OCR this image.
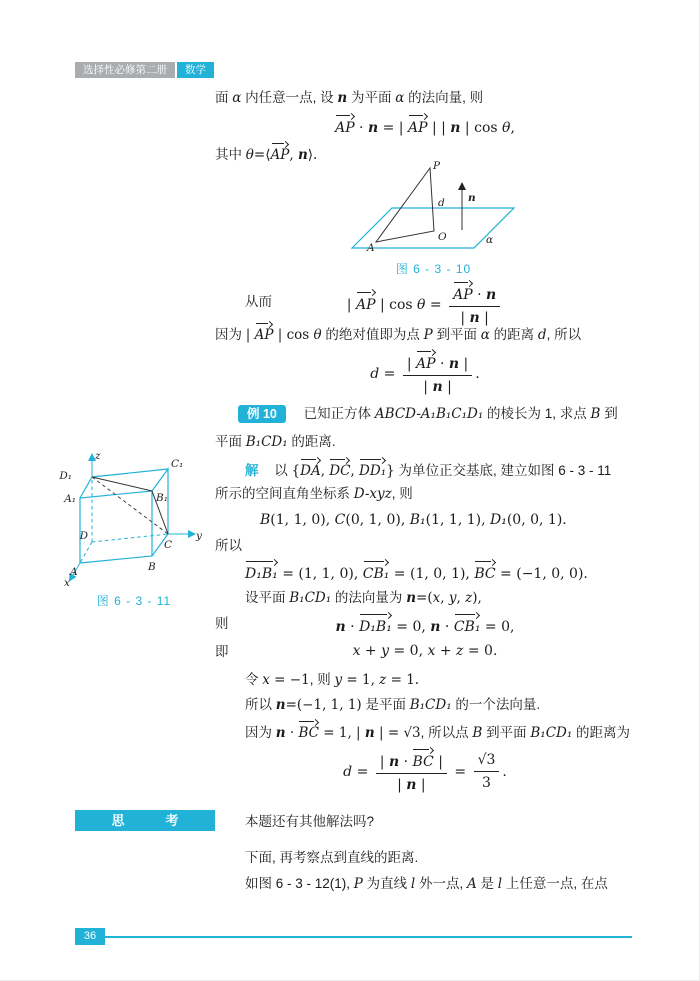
选择性必修第二册 数学
面 α 内任意一点, 设 n 为平面 α 的法向量, 则
AP · n = | AP | | n | cos θ,
其中 θ=⟨AP, n⟩.
P
A
O
d n
α
图 6 - 3 - 10
从而	| AP | $\cos \theta = \frac{AP \cdot n}{| n |}$
因为 | AP | cos θ 的绝对值即为点 P 到平面 α 的距离 d, 所以
$d = \frac{| AP \cdot n |}{| n |}$ .
例 10 已知正方体 ABCD-A₁B₁C₁D₁ 的棱长为 1, 求点 B 到
平面 B₁CD₁ 的距离.
解 以 {DA, DC, DD₁} 为单位正交基底, 建立如图 6 - 3 - 11
所示的空间直角坐标系 D-xyz, 则
B(1, 1, 0), C(0, 1, 0), B₁(1, 1, 1), D₁(0, 0, 1).
所以
D₁B₁ = (1, 1, 0), CB₁ = (1, 0, 1), BC = (−1, 0, 0).
设平面 B₁CD₁ 的法向量为 n=(x, y, z),
则	n · D₁B₁ = 0, n · CB₁ = 0,
即	x + y = 0, x + z = 0.
令 x = −1, 则 y = 1, z = 1.
所以 n=(−1, 1, 1) 是平面 B₁CD₁ 的一个法向量.
因为 n · BC = 1, | n | = √3, 所以点 B 到平面 B₁CD₁ 的距离为
$d = \frac{| n \cdot BC |}{| n |} = \frac{√3}{3}$ .
z
x
y
D₁
C₁
A₁	B₁
D
C
A	B
图 6 - 3 - 11
思　考	本题还有其他解法吗?
下面, 再考察点到直线的距离.
如图 6 - 3 - 12(1), P 为直线 l 外一点, A 是 l 上任意一点, 在点
36
